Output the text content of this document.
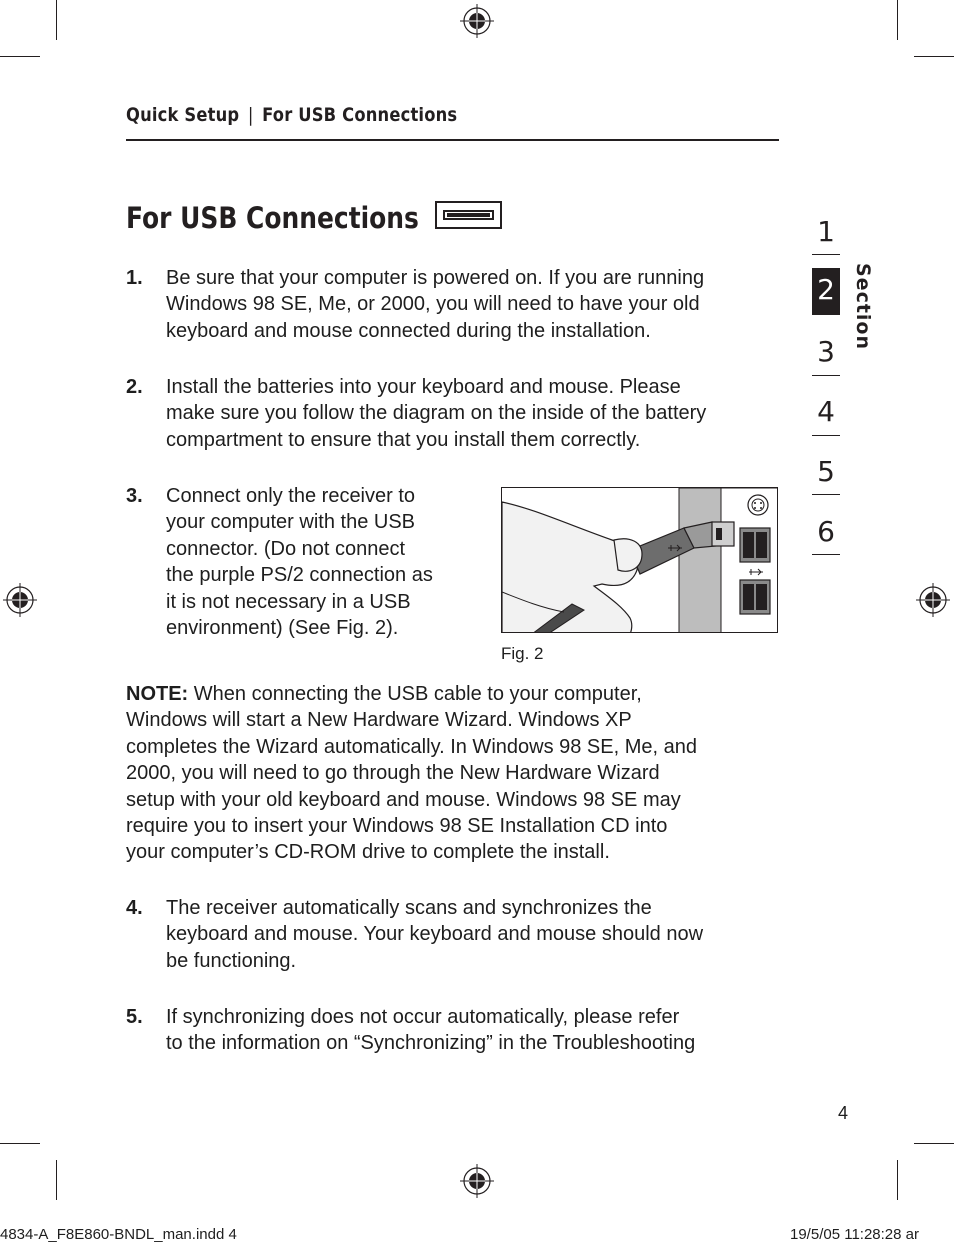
Quick Setup | For USB Connections
For USB Connections
1. Be sure that your computer is powered on. If you are running
Windows 98 SE, Me, or 2000, you will need to have your old
keyboard and mouse connected during the installation.
2. Install the batteries into your keyboard and mouse. Please
make sure you follow the diagram on the inside of the battery
compartment to ensure that you install them correctly.
3. Connect only the receiver to
your computer with the USB
connector. (Do not connect
the purple PS/2 connection as
it is not necessary in a USB
environment) (See Fig. 2).
Fig. 2
NOTE: When connecting the USB cable to your computer,
Windows will start a New Hardware Wizard. Windows XP
completes the Wizard automatically. In Windows 98 SE, Me, and
2000, you will need to go through the New Hardware Wizard
setup with your old keyboard and mouse. Windows 98 SE may
require you to insert your Windows 98 SE Installation CD into
your computer’s CD-ROM drive to complete the install.
4. The receiver automatically scans and synchronizes the
keyboard and mouse. Your keyboard and mouse should now
be functioning.
5. If synchronizing does not occur automatically, please refer
to the information on “Synchronizing” in the Troubleshooting
1
2
3
4
5
6
Section
4
4834-A_F8E860-BNDL_man.indd 4	19/5/05 11:28:28 ar
